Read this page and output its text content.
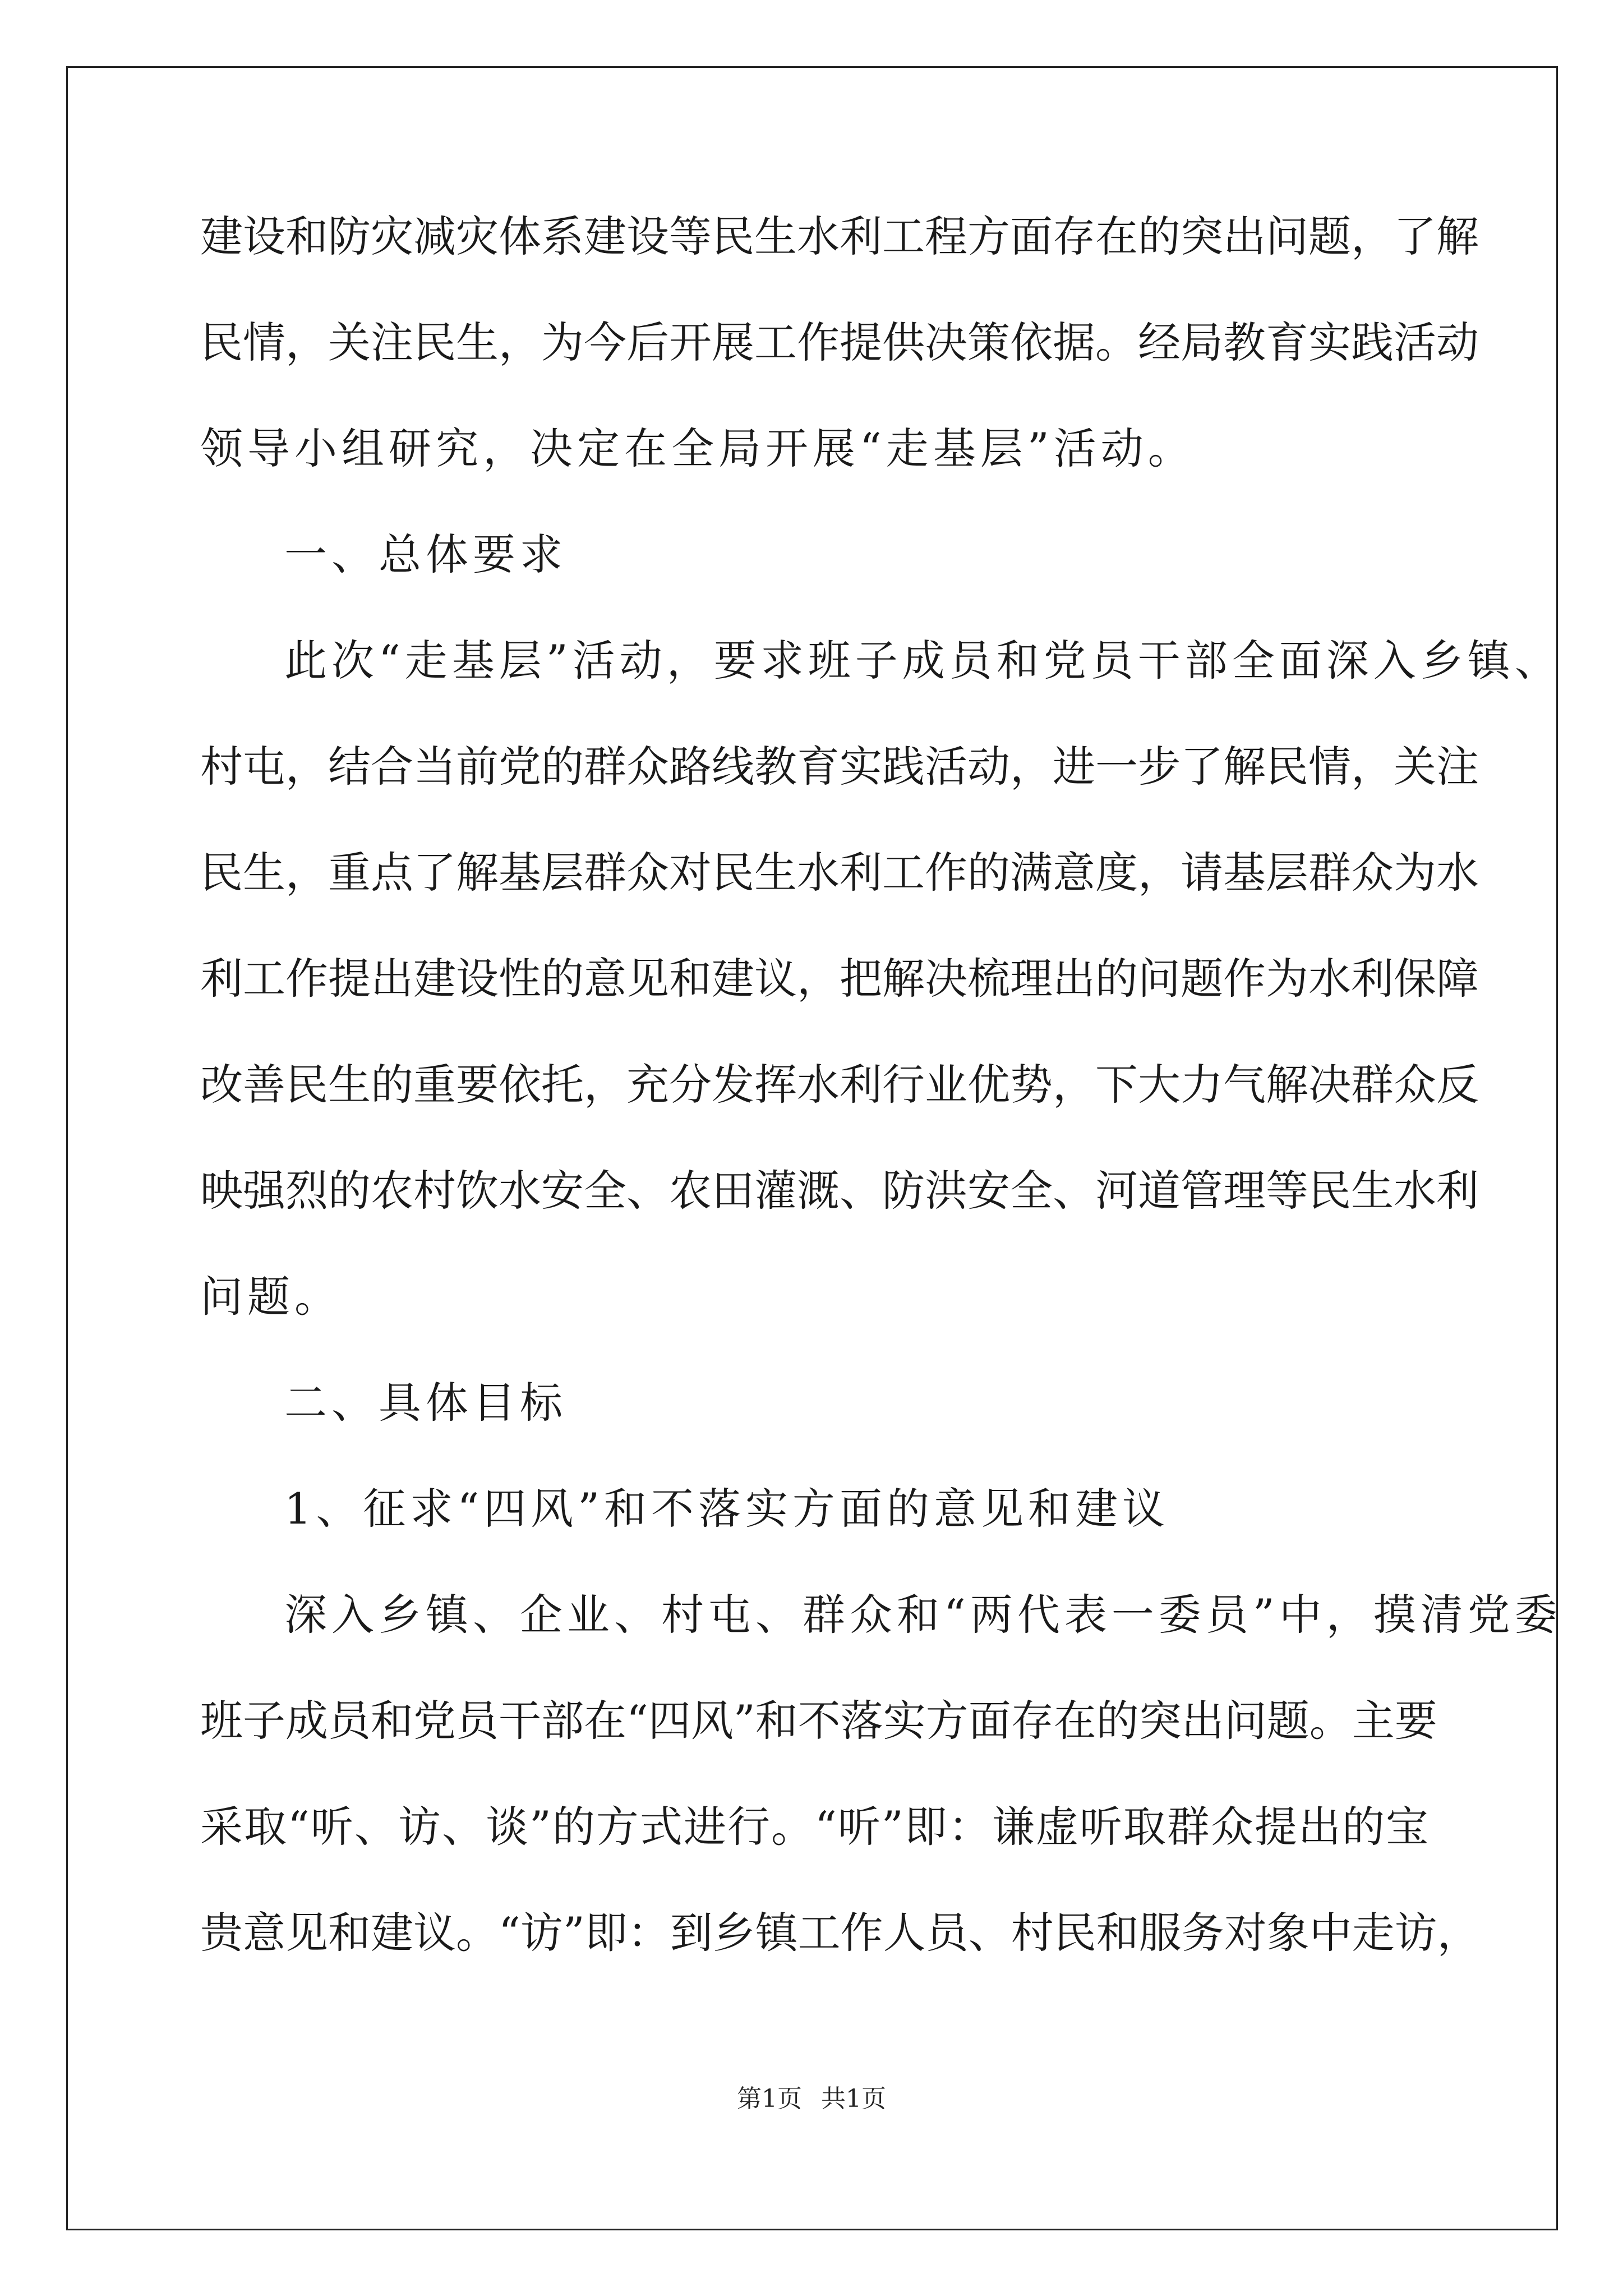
建设和防灾减灾体系建设等民生水利工程方面存在的突出问题，了解
民情，关注民生，为今后开展工作提供决策依据。经局教育实践活动
领导小组研究，决定在全局开展“走基层”活动。
一、总体要求
此次“走基层”活动，要求班子成员和党员干部全面深入乡镇、
村屯，结合当前党的群众路线教育实践活动，进一步了解民情，关注
民生，重点了解基层群众对民生水利工作的满意度，请基层群众为水
利工作提出建设性的意见和建议，把解决梳理出的问题作为水利保障
改善民生的重要依托，充分发挥水利行业优势，下大力气解决群众反
映强烈的农村饮水安全、农田灌溉、防洪安全、河道管理等民生水利
问题。
二、具体目标
1、征求“四风”和不落实方面的意见和建议
深入乡镇、企业、村屯、群众和“两代表一委员”中，摸清党委
班子成员和党员干部在“四风”和不落实方面存在的突出问题。主要
采取“听、访、谈”的方式进行。“听”即：谦虚听取群众提出的宝
贵意见和建议。“访”即：到乡镇工作人员、村民和服务对象中走访，
第1页 共1页
